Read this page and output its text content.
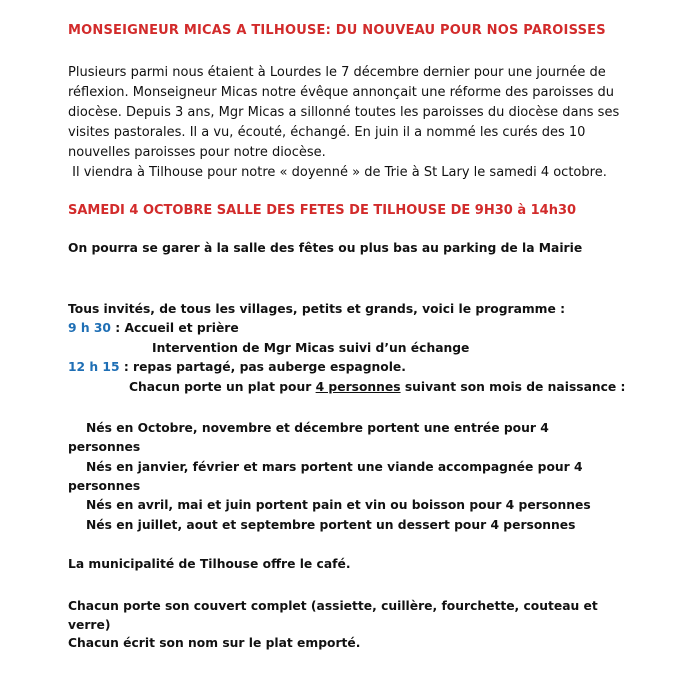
MONSEIGNEUR MICAS A TILHOUSE: DU NOUVEAU POUR NOS PAROISSES

Plusieurs parmi nous étaient à Lourdes le 7 décembre dernier pour une journée de

réflexion. Monseigneur Micas notre évêque annonçait une réforme des paroisses du

diocèse. Depuis 3 ans, Mgr Micas a sillonné toutes les paroisses du diocèse dans ses

visites pastorales. Il a vu, écouté, échangé. En juin il a nommé les curés des 10

nouvelles paroisses pour notre diocèse.

Il viendra à Tilhouse pour notre « doyenné » de Trie à St Lary le samedi 4 octobre.

SAMEDI 4 OCTOBRE SALLE DES FETES DE TILHOUSE DE 9H30 à 14h30
On pourra se garer à la salle des fêtes ou plus bas au parking de la Mairie
Tous invités, de tous les villages, petits et grands, voici le programme :
9 h 30 : Accueil et prière
Intervention de Mgr Micas suivi d’un échange
12 h 15 : repas partagé, pas auberge espagnole.
Chacun porte un plat pour 4 personnes suivant son mois de naissance :
Nés en Octobre, novembre et décembre portent une entrée pour 4 personnes
Nés en janvier, février et mars portent une viande accompagnée pour 4 personnes
Nés en avril, mai et juin portent pain et vin ou boisson pour 4 personnes
Nés en juillet, aout et septembre portent un dessert pour 4 personnes
La municipalité de Tilhouse offre le café.
Chacun porte son couvert complet (assiette, cuillère, fourchette, couteau et verre)
Chacun écrit son nom sur le plat emporté.
